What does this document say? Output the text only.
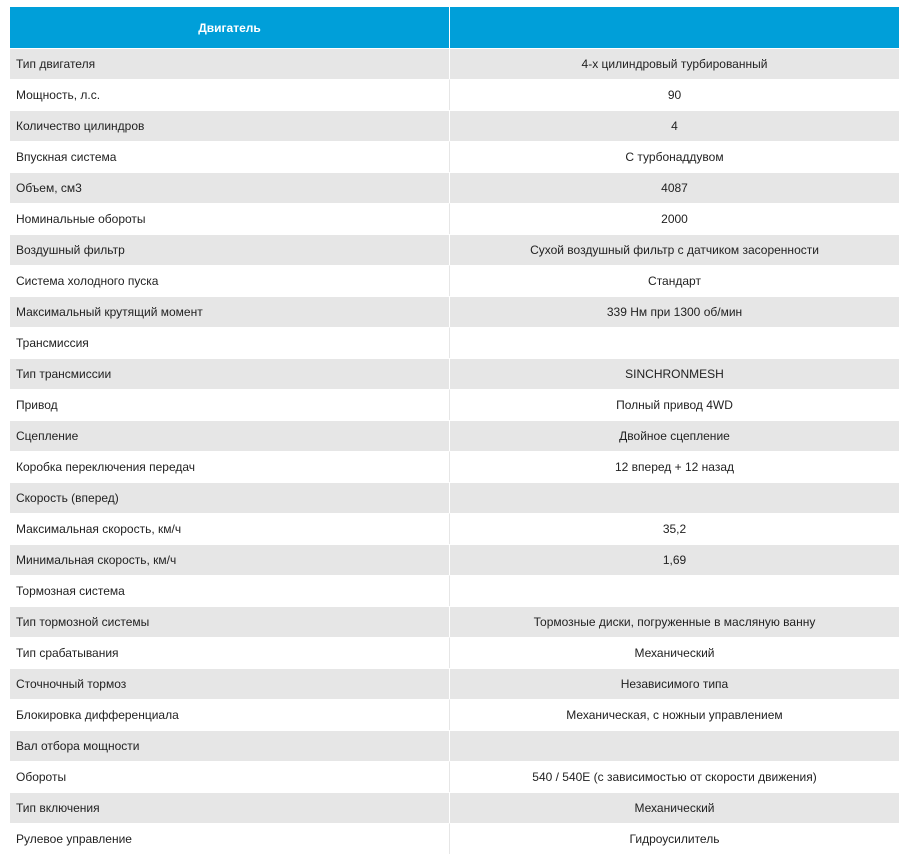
Двигатель	
Тип двигателя	4-х цилиндровый турбированный
Мощность, л.с.	90
Количество цилиндров	4
Впускная система	С турбонаддувом
Объем, см3	4087
Номинальные обороты	2000
Воздушный фильтр	Сухой воздушный фильтр с датчиком засоренности
Система холодного пуска	Стандарт
Максимальный крутящий момент	339 Нм при 1300 об/мин
Трансмиссия	
Тип трансмиссии	SINCHRONMESH
Привод	Полный привод 4WD
Сцепление	Двойное сцепление
Коробка переключения передач	12 вперед + 12 назад
Скорость (вперед)	
Максимальная скорость, км/ч	35,2
Минимальная скорость, км/ч	1,69
Тормозная система	
Тип тормозной системы	Тормозные диски, погруженные в масляную ванну
Тип срабатывания	Механический
Сточночный тормоз	Независимого типа
Блокировка дифференциала	Механическая, с ножныи управлением
Вал отбора мощности	
Обороты	540 / 540E (с зависимостью от скорости движения)
Тип включения	Механический
Рулевое управление	Гидроусилитель
